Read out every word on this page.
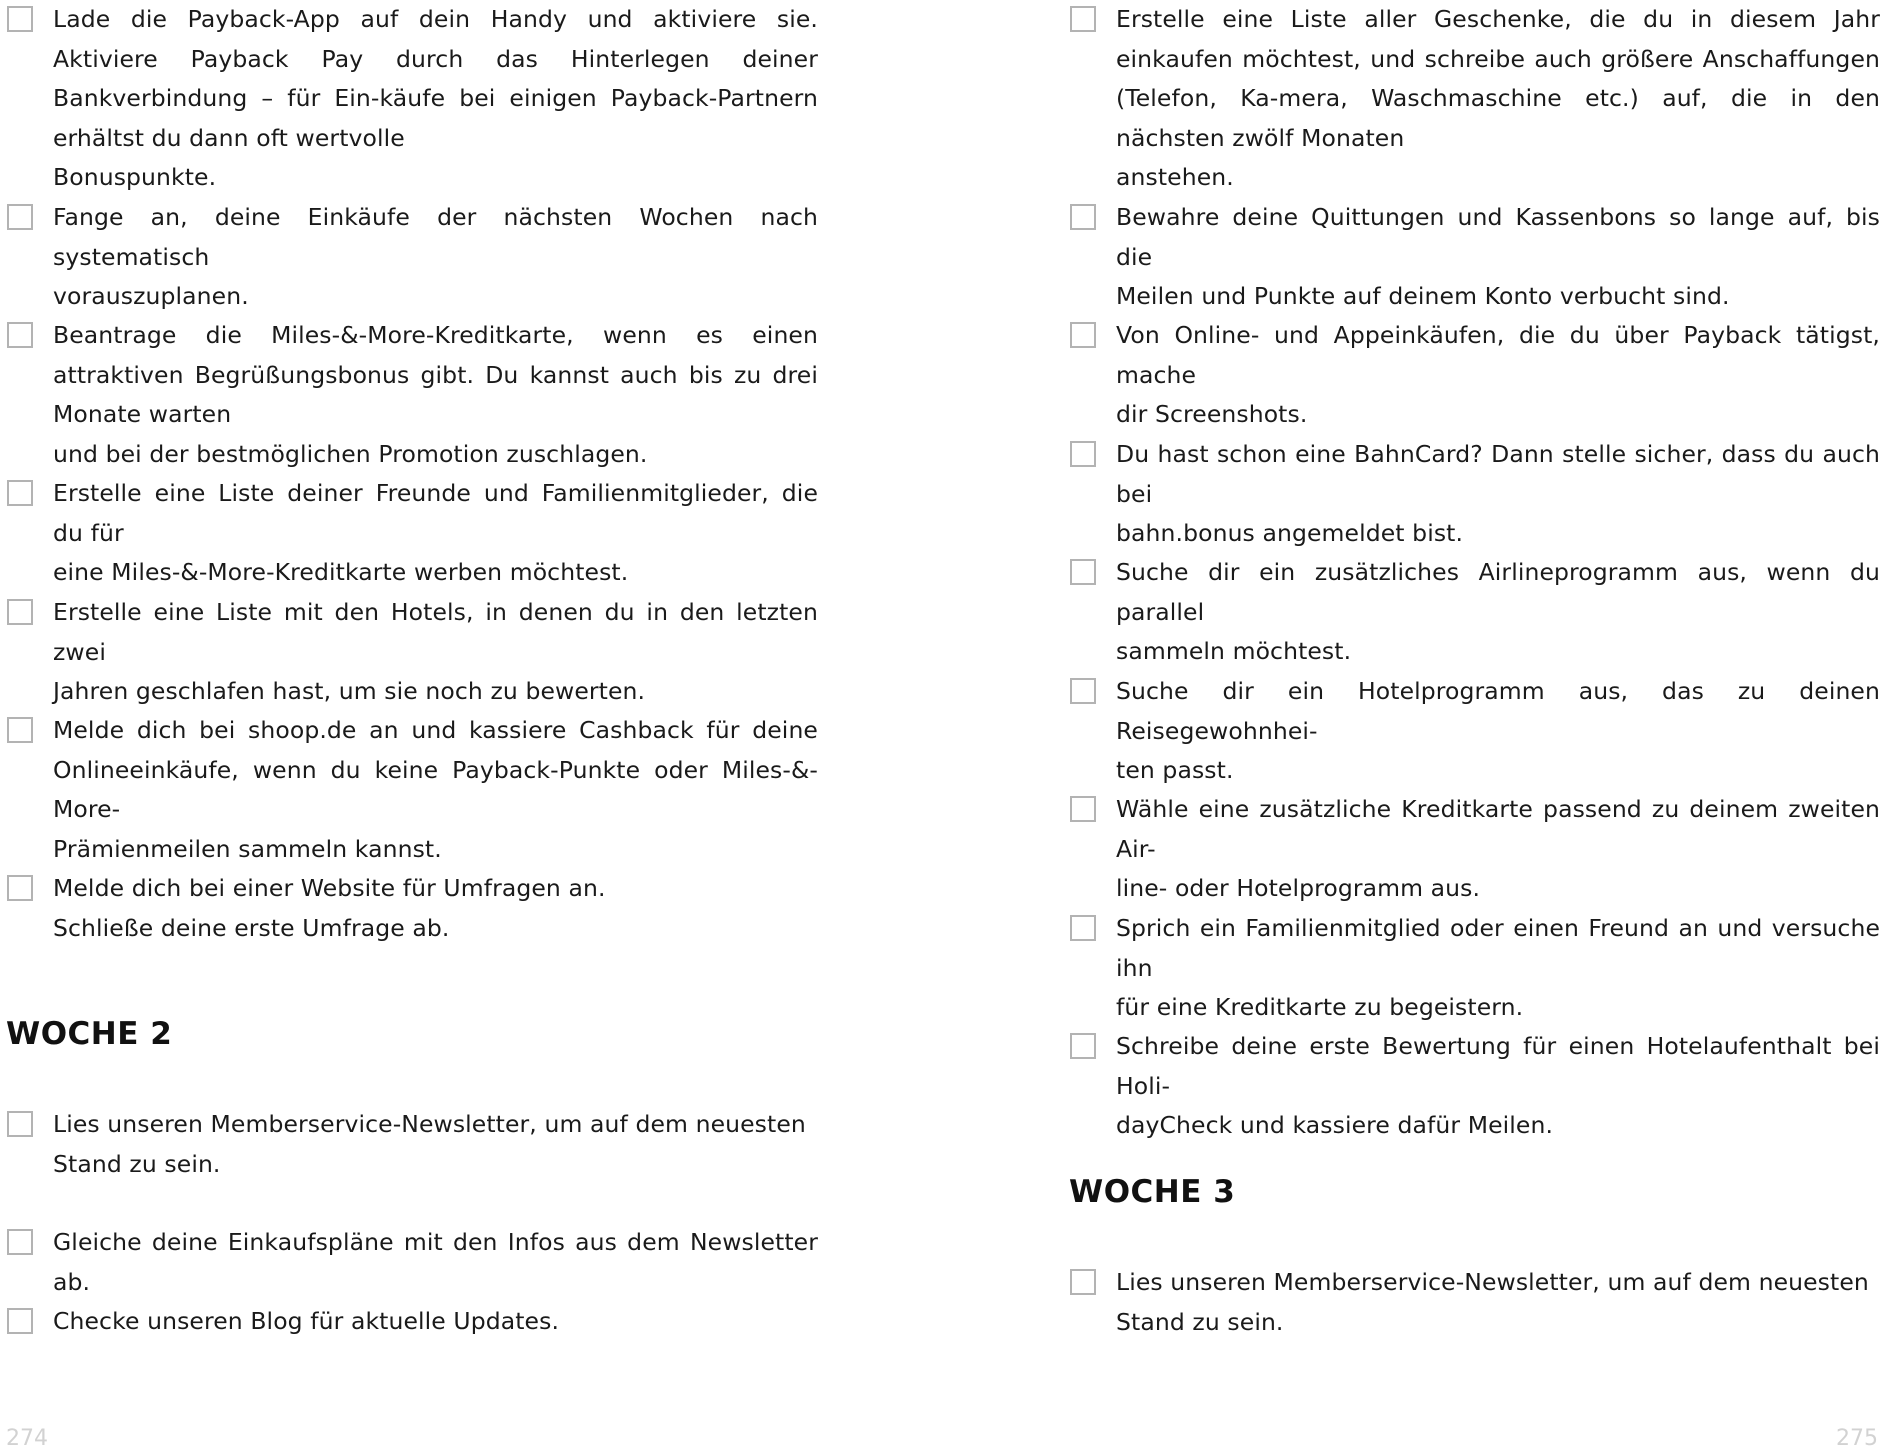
Lade die Payback-App auf dein Handy und aktiviere sie. Aktiviere Payback Pay durch das Hinterlegen deiner Bankverbindung – für Ein-käufe bei einigen Payback-Partnern erhältst du dann oft wertvolle
Bonuspunkte.
Fange an, deine Einkäufe der nächsten Wochen nach systematisch
vorauszuplanen.
Beantrage die Miles-&-More-Kreditkarte, wenn es einen attraktiven Begrüßungsbonus gibt. Du kannst auch bis zu drei Monate warten
und bei der bestmöglichen Promotion zuschlagen.
Erstelle eine Liste deiner Freunde und Familienmitglieder, die du für
eine Miles-&-More-Kreditkarte werben möchtest.
Erstelle eine Liste mit den Hotels, in denen du in den letzten zwei
Jahren geschlafen hast, um sie noch zu bewerten.
Melde dich bei shoop.de an und kassiere Cashback für deine Onlineeinkäufe, wenn du keine Payback-Punkte oder Miles-&-More-
Prämienmeilen sammeln kannst.
Melde dich bei einer Website für Umfragen an.
Schließe deine erste Umfrage ab.
WOCHE 2
Lies unseren Memberservice-Newsletter, um auf dem neuesten
Stand zu sein.
Gleiche deine Einkaufspläne mit den Infos aus dem Newsletter ab.
Checke unseren Blog für aktuelle Updates.
274
Erstelle eine Liste aller Geschenke, die du in diesem Jahr einkaufen möchtest, und schreibe auch größere Anschaffungen (Telefon, Ka-mera, Waschmaschine etc.) auf, die in den nächsten zwölf Monaten
anstehen.
Bewahre deine Quittungen und Kassenbons so lange auf, bis die
Meilen und Punkte auf deinem Konto verbucht sind.
Von Online- und Appeinkäufen, die du über Payback tätigst, mache
dir Screenshots.
Du hast schon eine BahnCard? Dann stelle sicher, dass du auch bei
bahn.bonus angemeldet bist.
Suche dir ein zusätzliches Airlineprogramm aus, wenn du parallel
sammeln möchtest.
Suche dir ein Hotelprogramm aus, das zu deinen Reisegewohnhei-
ten passt.
Wähle eine zusätzliche Kreditkarte passend zu deinem zweiten Air-
line- oder Hotelprogramm aus.
Sprich ein Familienmitglied oder einen Freund an und versuche ihn
für eine Kreditkarte zu begeistern.
Schreibe deine erste Bewertung für einen Hotelaufenthalt bei Holi-
dayCheck und kassiere dafür Meilen.
WOCHE 3
Lies unseren Memberservice-Newsletter, um auf dem neuesten
Stand zu sein.
275
